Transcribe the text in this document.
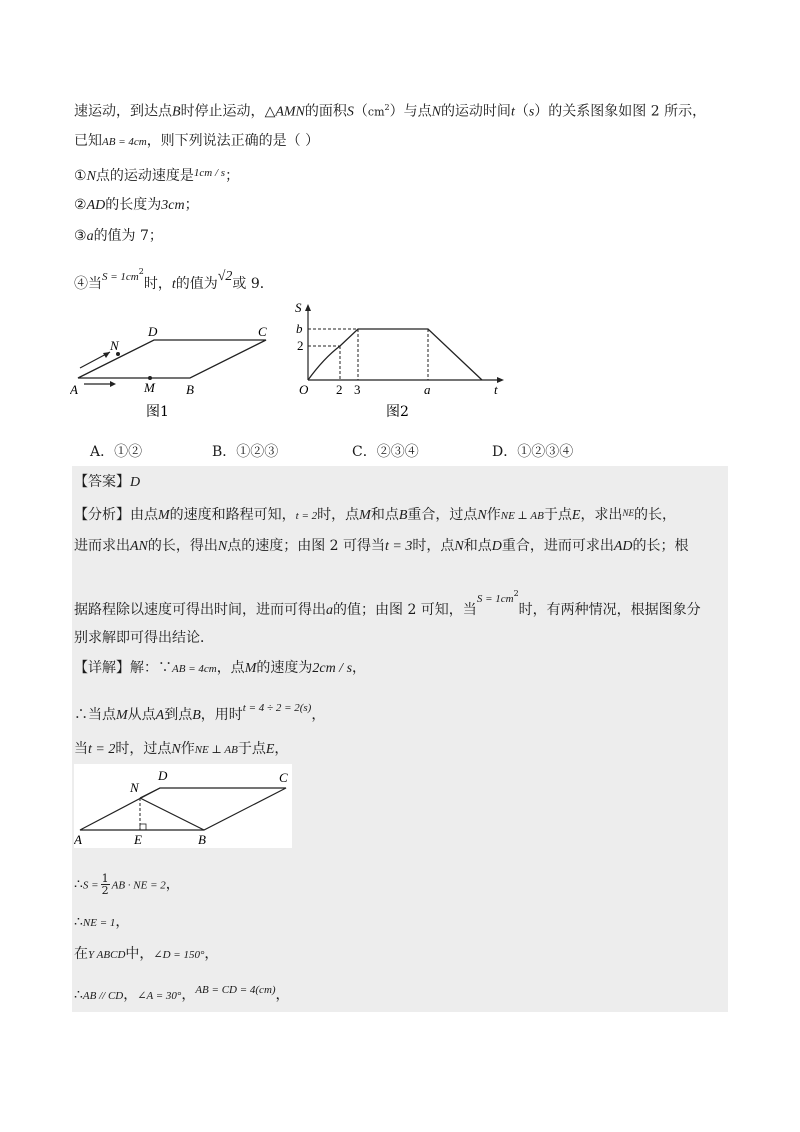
速运动，到达点B时停止运动，△AMN的面积$S(cm^2)$与点N的运动时间t（s）的关系图象如图 2 所示，
已知AB = 4cm，则下列说法正确的是（ ）
①N点的运动速度是$^{1cm / s}$；
②AD的长度为3cm；
③a的值为 7；
④当$^{S = 1cm2}$时，t的值为√2或 9．
A	B
C
D
M
N
图1
S
b
2
O 2 3	a	t
图2
A．①②	B．①②③	C．②③④	D．①②③④
【答案】D
【分析】由点M的速度和路程可知，t = 2时，点M和点B重合，过点N作NE ⊥ AB于点E，求出$^{NE}$的长，
进而求出AN的长，得出N点的速度；由图 2 可得当t = 3时，点N和点D重合，进而可求出AD的长；根
据路程除以速度可得出时间，进而可得出a的值；由图 2 可知，当$^{S = 1cm2}$时，有两种情况，根据图象分
别求解即可得出结论．
【详解】解：∵AB = 4cm，点M的速度为2cm / s，
∴当点M从点A到点B，用时$^{t = 4 \div 2 = 2(s)}$，
当t = 2时，过点N作NE ⊥ AB于点E，
A	B
C
D
E
N
∴S = $\frac{1}{2}$ AB · NE = 2，
∴NE = 1，
在Y ABCD中，∠D = 150°，
∴AB // CD，∠A = 30°，$^{AB = CD = 4(cm)}$，
